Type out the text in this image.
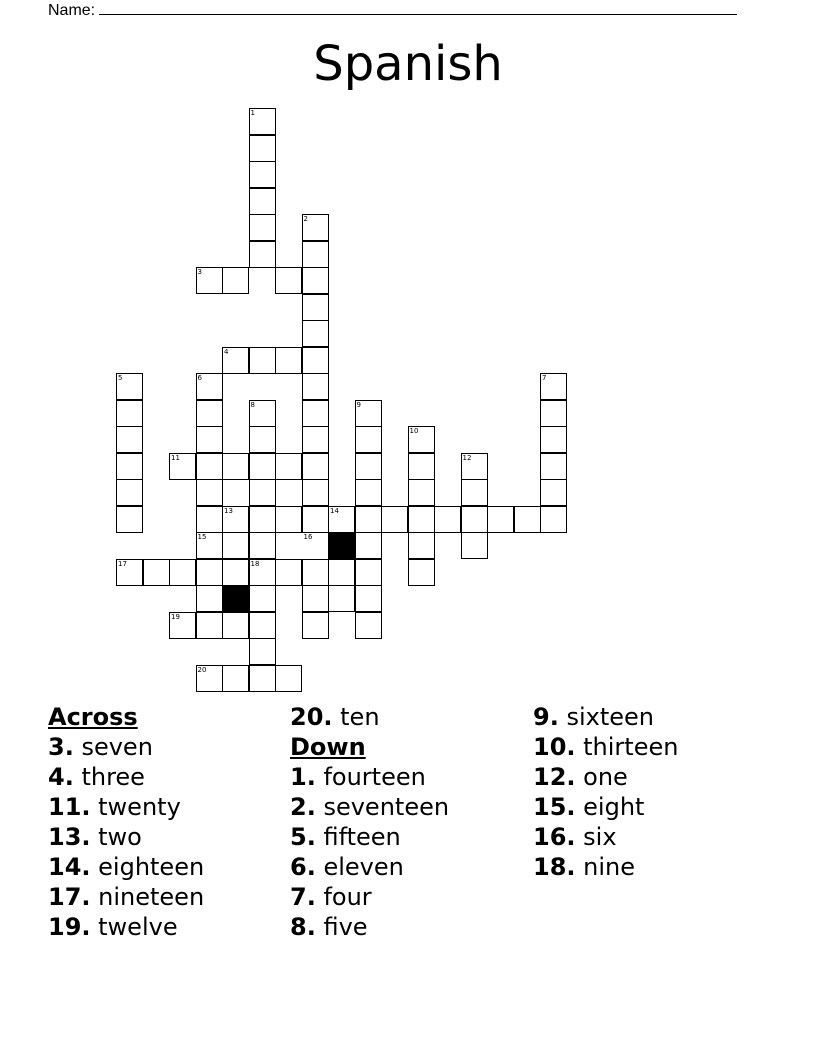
Name:
Spanish
1
2
3
4
5	6	7
8	9
10
11	12
13	14
15	16
17	18
19
20
Across
3. seven
4. three
11. twenty
13. two
14. eighteen
17. nineteen
19. twelve
20. ten
Down
1. fourteen
2. seventeen
5. fifteen
6. eleven
7. four
8. five
9. sixteen
10. thirteen
12. one
15. eight
16. six
18. nine
